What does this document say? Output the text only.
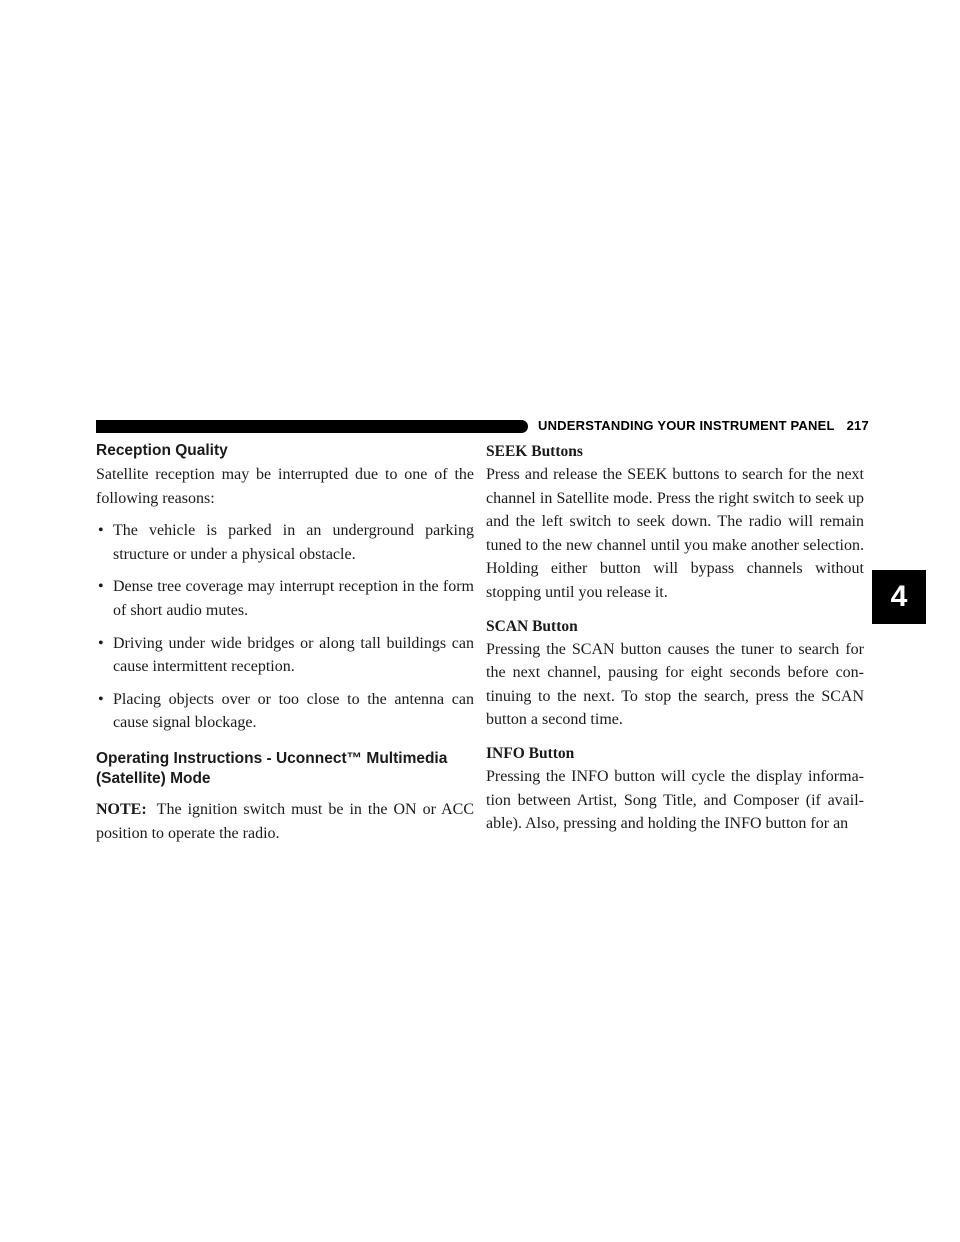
UNDERSTANDING YOUR INSTRUMENT PANEL 217
4
Reception Quality

Satellite reception may be interrupted due to one of the following reasons:

• The vehicle is parked in an underground parking structure or under a physical obstacle.
• Dense tree coverage may interrupt reception in the form of short audio mutes.
• Driving under wide bridges or along tall buildings can cause intermittent reception.
• Placing objects over or too close to the antenna can cause signal blockage.
Operating Instructions - Uconnect™ Multimedia (Satellite) Mode

NOTE: The ignition switch must be in the ON or ACC position to operate the radio.

SEEK Buttons

Press and release the SEEK buttons to search for the next channel in Satellite mode. Press the right switch to seek up and the left switch to seek down. The radio will remain tuned to the new channel until you make another selection. Holding either button will bypass channels without stopping until you release it.

SCAN Button

Pressing the SCAN button causes the tuner to search for the next channel, pausing for eight seconds before con-tinuing to the next. To stop the search, press the SCAN button a second time.

INFO Button

Pressing the INFO button will cycle the display informa-tion between Artist, Song Title, and Composer (if avail-able). Also, pressing and holding the INFO button for an
